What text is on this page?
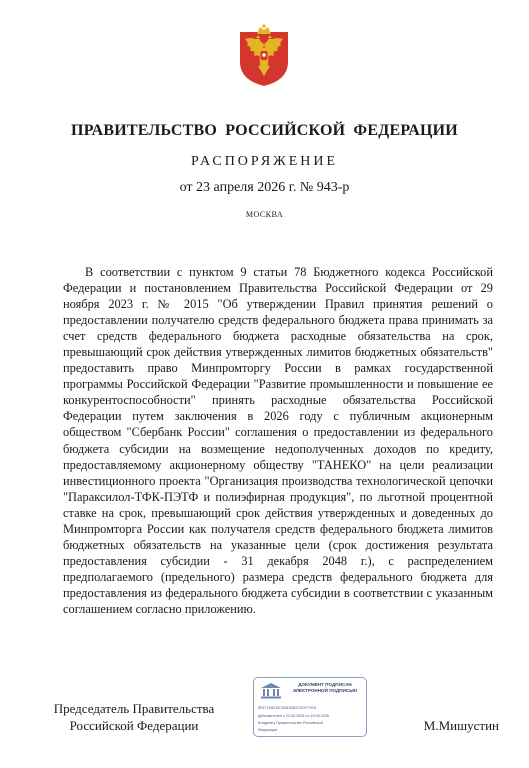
ПРАВИТЕЛЬСТВО РОССИЙСКОЙ ФЕДЕРАЦИИ
РАСПОРЯЖЕНИЕ
от 23 апреля 2026 г. № 943-р
МОСКВА

В соответствии с пунктом 9 статьи 78 Бюджетного кодекса Российской Федерации и постановлением Правительства Российской Федерации от 29 ноября 2023 г. № 2015 "Об утверждении Правил принятия решений о предоставлении получателю средств федерального бюджета права принимать за счет средств федерального бюджета расходные обязательства на срок, превышающий срок действия утвержденных лимитов бюджетных обязательств" предоставить право Минпромторгу России в рамках государственной программы Российской Федерации "Развитие промышленности и повышение ее конкурентоспособности" принять расходные обязательства Российской Федерации путем заключения в 2026 году с публичным акционерным обществом "Сбербанк России" соглашения о предоставлении из федерального бюджета субсидии на возмещение недополученных доходов по кредиту, предоставляемому акционерному обществу "ТАНЕКО" на цели реализации инвестиционного проекта "Организация производства технологической цепочки "Параксилол-ТФК-ПЭТФ и полиэфирная продукция", по льготной процентной ставке на срок, превышающий срок действия утвержденных и доведенных до Минпромторга России как получателя средств федерального бюджета лимитов бюджетных обязательств на указанные цели (срок достижения результата предоставления субсидии - 31 декабря 2048 г.), с распределением предполагаемого (предельного) размера средств федерального бюджета для предоставления из федерального бюджета субсидии в соответствии с указанным соглашением согласно приложению.

Председатель Правительства
Российской Федерации
ДОКУМЕНТ ПОДПИСАН
ЭЛЕКТРОННОЙ ПОДПИСЬЮ
5F67749D15C6081B8472D2F7915
Действителен с 22.05.2025 по 15.08.2026
Владелец Правительство Российской
Федерации	М.Мишустин
